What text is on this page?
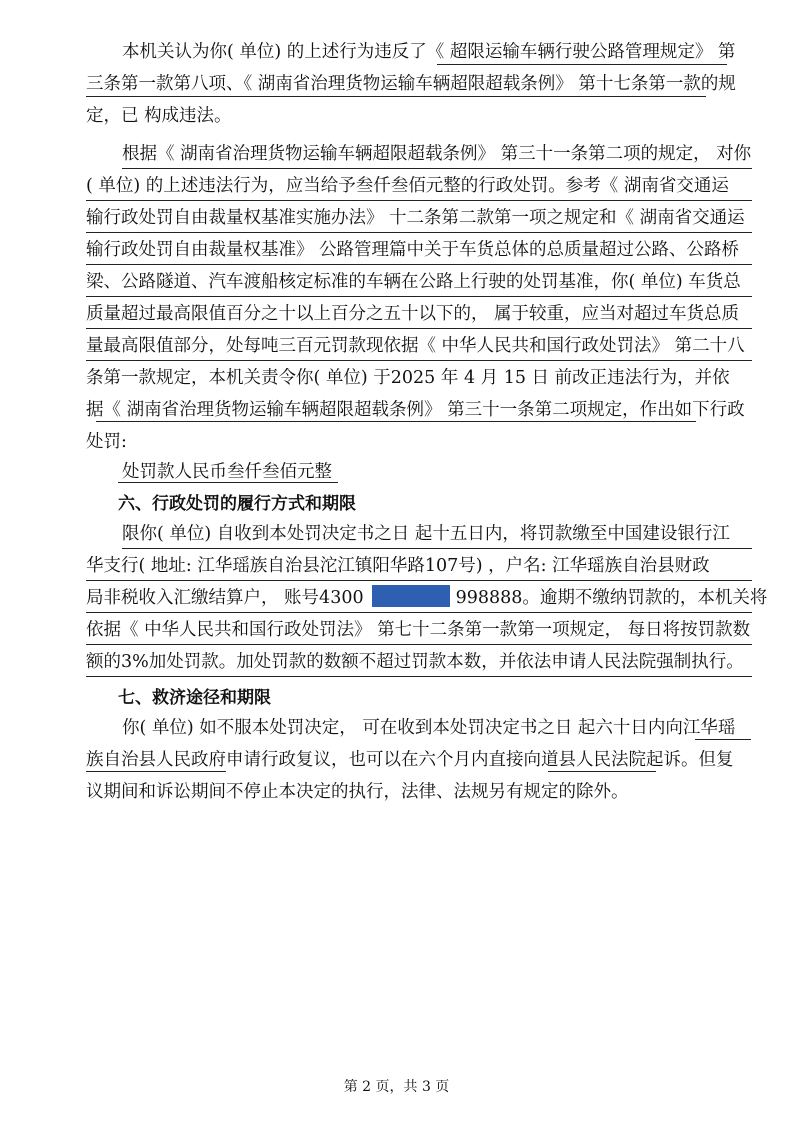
本机关认为你( 单位) 的上述行为违反了《 超限运输车辆行驶公路管理规定》 第
三条第一款第八项、《 湖南省治理货物运输车辆超限超载条例》 第十七条第一款的规
定，已 构成违法。
根据《 湖南省治理货物运输车辆超限超载条例》 第三十一条第二项的规定， 对你
( 单位) 的上述违法行为，应当给予叁仟叁佰元整的行政处罚。参考《 湖南省交通运
输行政处罚自由裁量权基准实施办法》 十二条第二款第一项之规定和《 湖南省交通运
输行政处罚自由裁量权基准》 公路管理篇中关于车货总体的总质量超过公路、公路桥
梁、公路隧道、汽车渡船核定标准的车辆在公路上行驶的处罚基准，你( 单位) 车货总
质量超过最高限值百分之十以上百分之五十以下的， 属于较重，应当对超过车货总质
量最高限值部分，处每吨三百元罚款现依据《 中华人民共和国行政处罚法》 第二十八
条第一款规定，本机关责令你( 单位) 于2025 年 4 月 15 日 前改正违法行为，并依
据《 湖南省治理货物运输车辆超限超载条例》 第三十一条第二项规定，作出如下行政
处罚:
处罚款人民币叁仟叁佰元整
六、行政处罚的履行方式和期限
限你( 单位) 自收到本处罚决定书之日 起十五日内，将罚款缴至中国建设银行江
华支行( 地址: 江华瑶族自治县沱江镇阳华路107号) ，户名: 江华瑶族自治县财政
局非税收入汇缴结算户， 账号4300	998888。逾期不缴纳罚款的，本机关将
依据《 中华人民共和国行政处罚法》 第七十二条第一款第一项规定， 每日将按罚款数
额的3%加处罚款。加处罚款的数额不超过罚款本数，并依法申请人民法院强制执行。
七、救济途径和期限
你( 单位) 如不服本处罚决定， 可在收到本处罚决定书之日 起六十日内向江华瑶
族自治县人民政府申请行政复议，也可以在六个月内直接向道县人民法院起诉。但复
议期间和诉讼期间不停止本决定的执行，法律、法规另有规定的除外。
第 2 页，共 3 页
